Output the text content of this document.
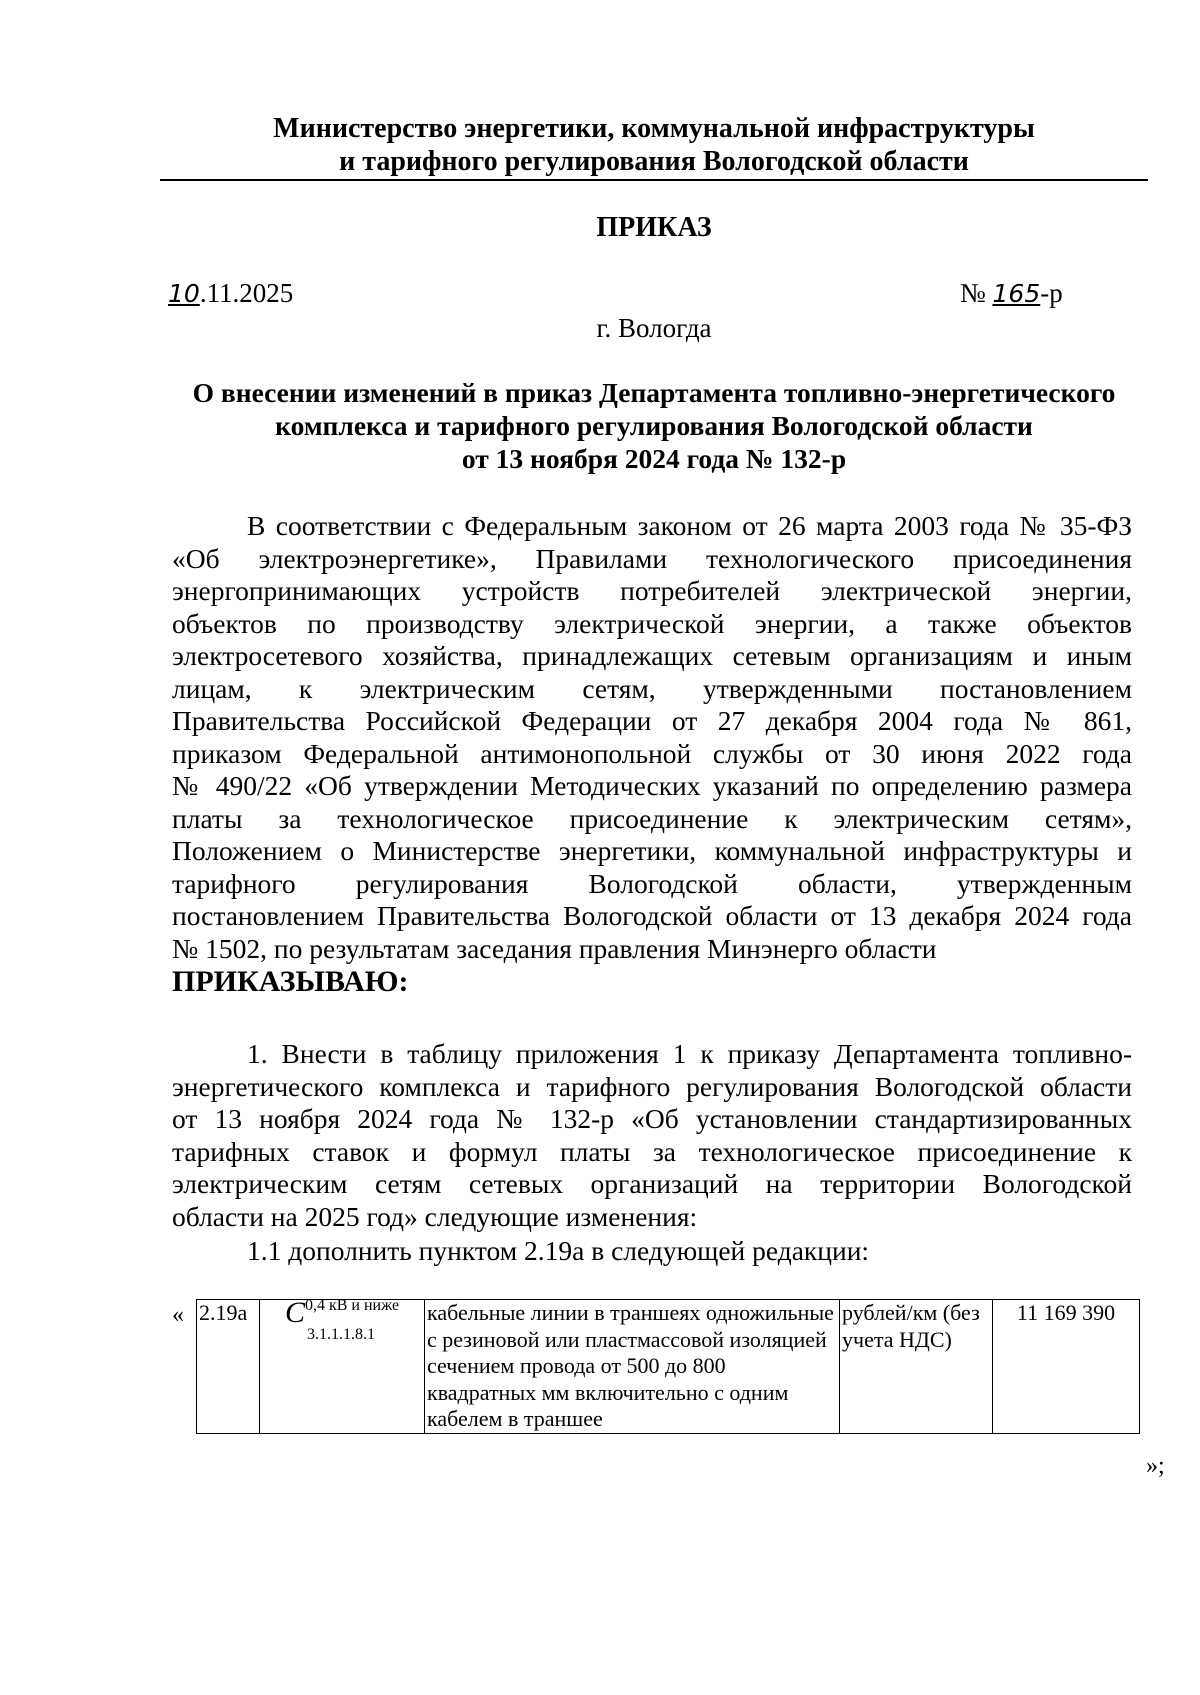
Министерство энергетики, коммунальной инфраструктуры
и тарифного регулирования Вологодской области
ПРИКАЗ
10.11.2025	№ 165-р
г. Вологда
О внесении изменений в приказ Департамента топливно-энергетического
комплекса и тарифного регулирования Вологодской области
от 13 ноября 2024 года № 132-р
В соответствии с Федеральным законом от 26 марта 2003 года № 35-ФЗ
«Об электроэнергетике», Правилами технологического присоединения
энергопринимающих устройств потребителей электрической энергии,
объектов по производству электрической энергии, а также объектов
электросетевого хозяйства, принадлежащих сетевым организациям и иным
лицам, к электрическим сетям, утвержденными постановлением
Правительства Российской Федерации от 27 декабря 2004 года № 861,
приказом Федеральной антимонопольной службы от 30 июня 2022 года
№ 490/22 «Об утверждении Методических указаний по определению размера
платы за технологическое присоединение к электрическим сетям»,
Положением о Министерстве энергетики, коммунальной инфраструктуры и
тарифного регулирования Вологодской области, утвержденным
постановлением Правительства Вологодской области от 13 декабря 2024 года
№ 1502, по результатам заседания правления Минэнерго области
ПРИКАЗЫВАЮ:
1. Внести в таблицу приложения 1 к приказу Департамента топливно-
энергетического комплекса и тарифного регулирования Вологодской области
от 13 ноября 2024 года № 132-р «Об установлении стандартизированных
тарифных ставок и формул платы за технологическое присоединение к
электрическим сетям сетевых организаций на территории Вологодской
области на 2025 год» следующие изменения:
1.1 дополнить пунктом 2.19а в следующей редакции:
« 2.19а	$C^{0,4 кВ и ниже}$
3.1.1.1.8.1
	кабельные линии в траншеях одножильные с резиновой или пластмассовой изоляцией сечением провода от 500 до 800 квадратных мм включительно с одним кабелем в траншее	рублей/км (без учета НДС)	11 169 390
»;
